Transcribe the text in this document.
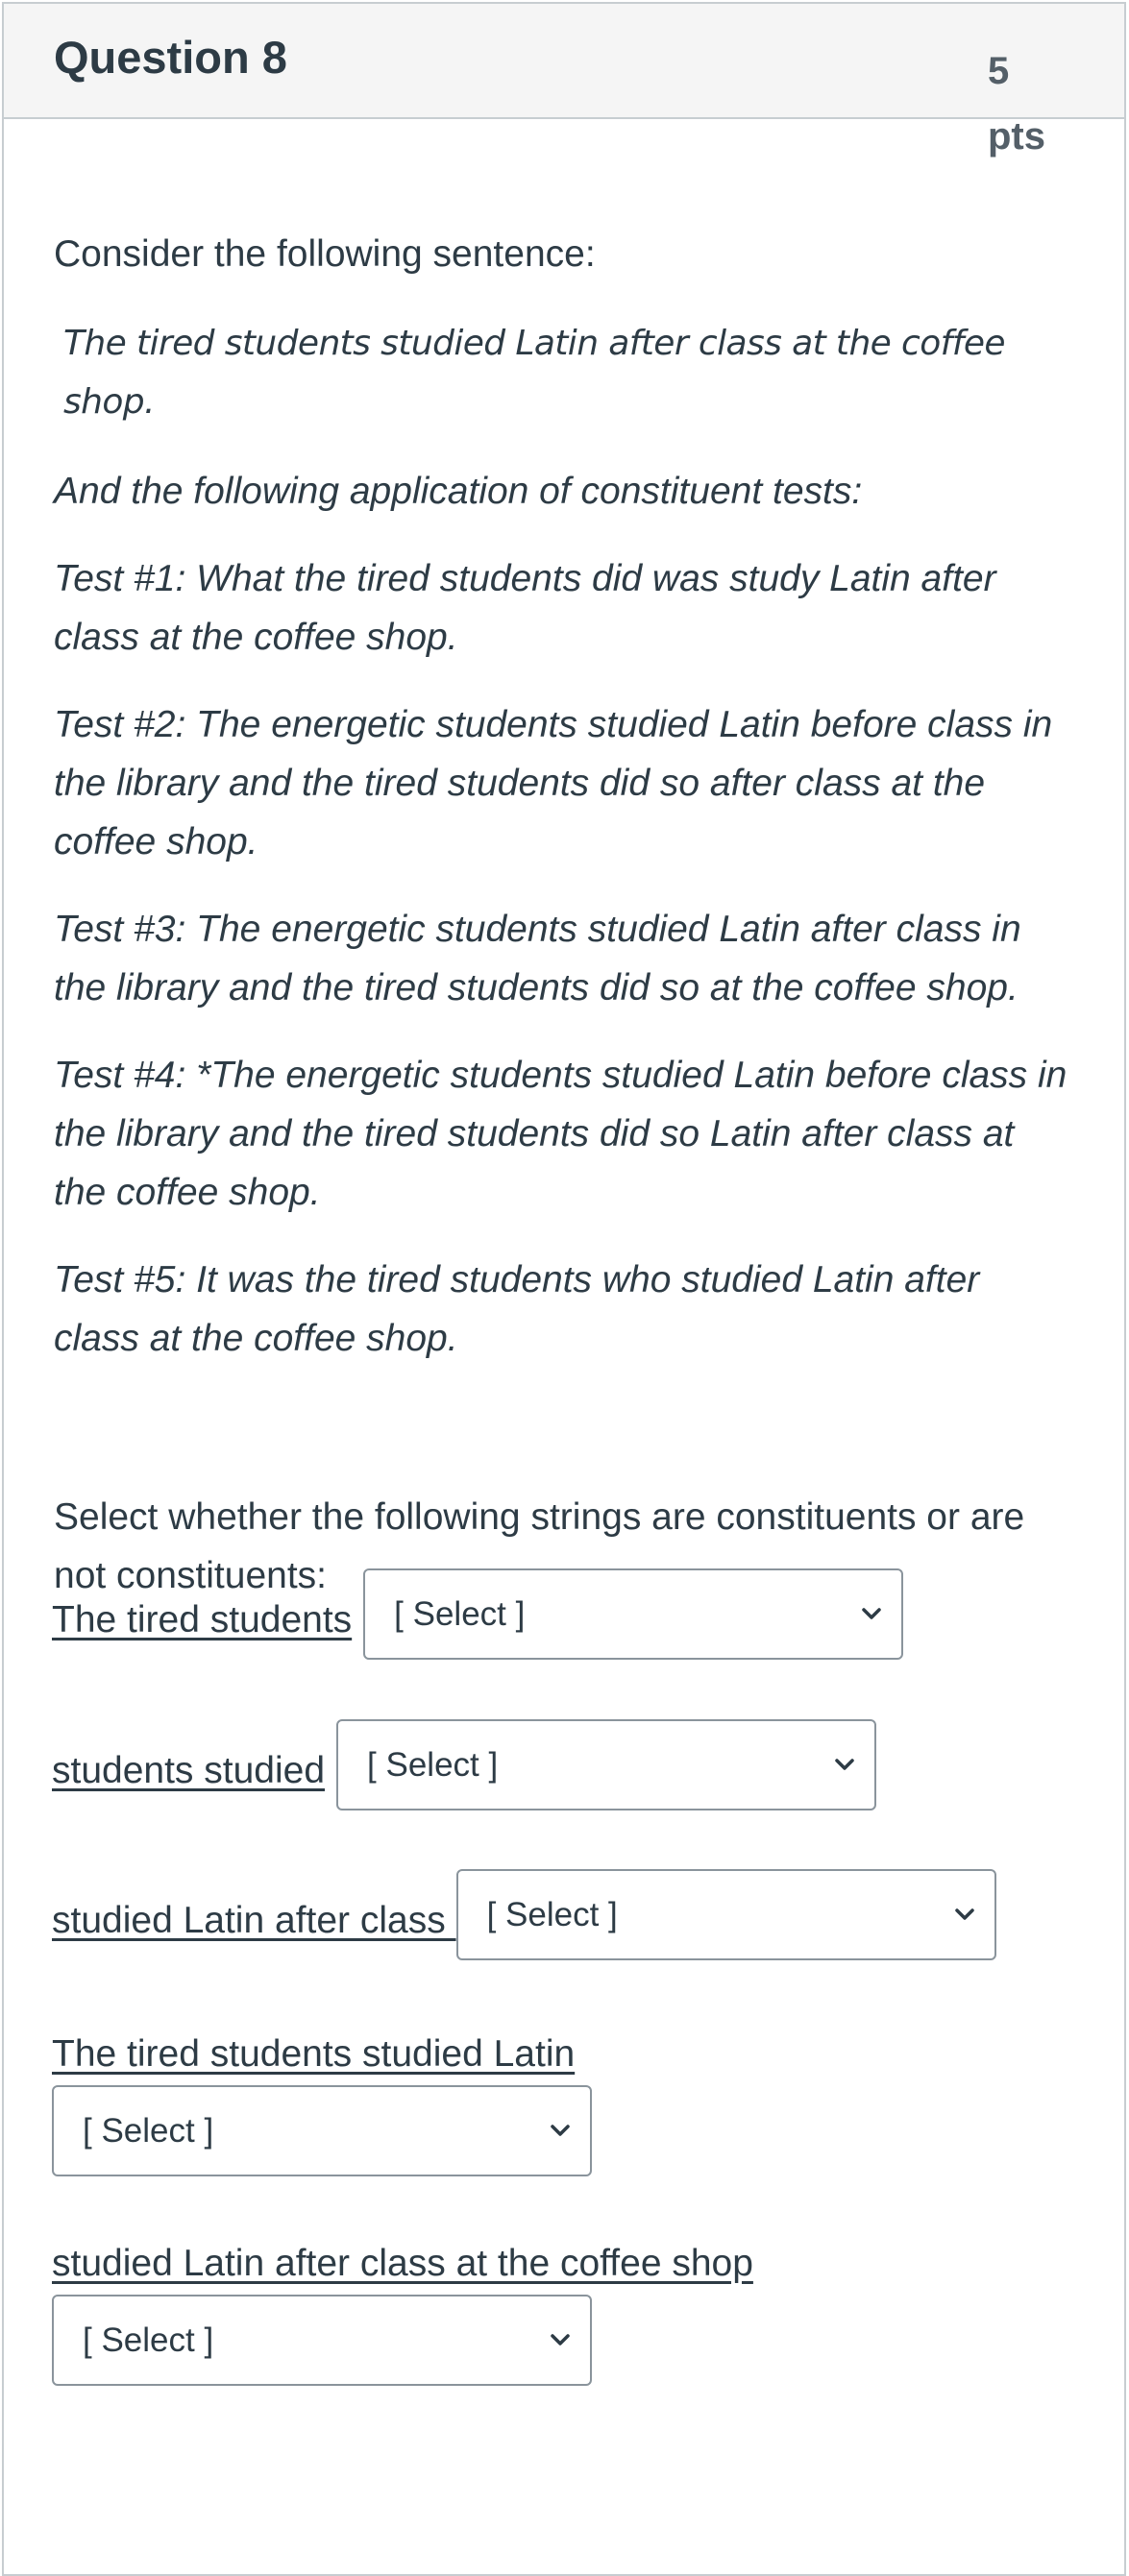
Question 8	5 pts

Consider the following sentence:

The tired students studied Latin after class at the coffee shop.

And the following application of constituent tests:

Test #1: What the tired students did was study Latin after class at the coffee shop.

Test #2: The energetic students studied Latin before class in the library and the tired students did so after class at the coffee shop.

Test #3: The energetic students studied Latin after class in the library and the tired students did so at the coffee shop.

Test #4: *The energetic students studied Latin before class in the library and the tired students did so Latin after class at the coffee shop.

Test #5: It was the tired students who studied Latin after class at the coffee shop.

Select whether the following strings are constituents or are not constituents:

The tired students [ Select ]
students studied [ Select ]
studied Latin after class [ Select ]
The tired students studied Latin
[ Select ]
studied Latin after class at the coffee shop
[ Select ]
